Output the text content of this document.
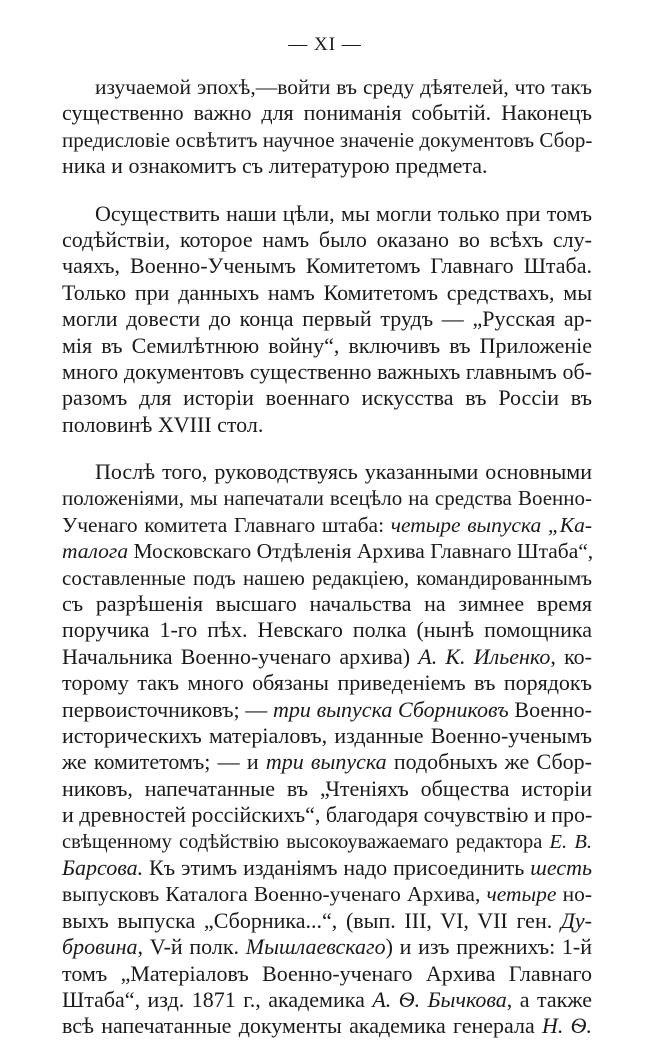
— XI —
изучаемой эпохѣ,—войти въ среду дѣятелей, что такъ
существенно важно для пониманія событій. Наконецъ
предисловіе освѣтитъ научное значеніе документовъ Сбор-
ника и ознакомитъ съ литературою предмета.
Осуществить наши цѣли, мы могли только при томъ
содѣйствіи, которое намъ было оказано во всѣхъ слу-
чаяхъ, Военно-Ученымъ Комитетомъ Главнаго Штаба.
Только при данныхъ намъ Комитетомъ средствахъ, мы
могли довести до конца первый трудъ — „Русская ар-
мія въ Семилѣтнюю войну“, включивъ въ Приложеніе
много документовъ существенно важныхъ главнымъ об-
разомъ для исторіи военнаго искусства въ Россіи въ
половинѣ XVIII стол.
Послѣ того, руководствуясь указанными основными
положеніями, мы напечатали всецѣло на средства Военно-
Ученаго комитета Главнаго штаба: четыре выпуска „Ка-
талога Московскаго Отдѣленія Архива Главнаго Штаба“,
составленные подъ нашею редакціею, командированнымъ
съ разрѣшенія высшаго начальства на зимнее время
поручика 1-го пѣх. Невскаго полка (нынѣ помощника
Начальника Военно-ученаго архива) А. К. Ильенко, ко-
торому такъ много обязаны приведеніемъ въ порядокъ
первоисточниковъ; — три выпуска Сборниковъ Военно-
историческихъ матеріаловъ, изданные Военно-ученымъ
же комитетомъ; — и три выпуска подобныхъ же Сбор-
никовъ, напечатанные въ „Чтеніяхъ общества исторіи
и древностей россійскихъ“, благодаря сочувствію и про-
свѣщенному содѣйствію высокоуважаемаго редактора Е. В.
Барсова. Къ этимъ изданіямъ надо присоединить шесть
выпусковъ Каталога Военно-ученаго Архива, четыре но-
выхъ выпуска „Сборника...“, (вып. III, VI, VII ген. Ду-
бровина, V-й полк. Мышлаевскаго) и изъ прежнихъ: 1-й
томъ „Матеріаловъ Военно-ученаго Архива Главнаго
Штаба“, изд. 1871 г., академика А. Ѳ. Бычкова, а также
всѣ напечатанные документы академика генерала Н. Ѳ.
